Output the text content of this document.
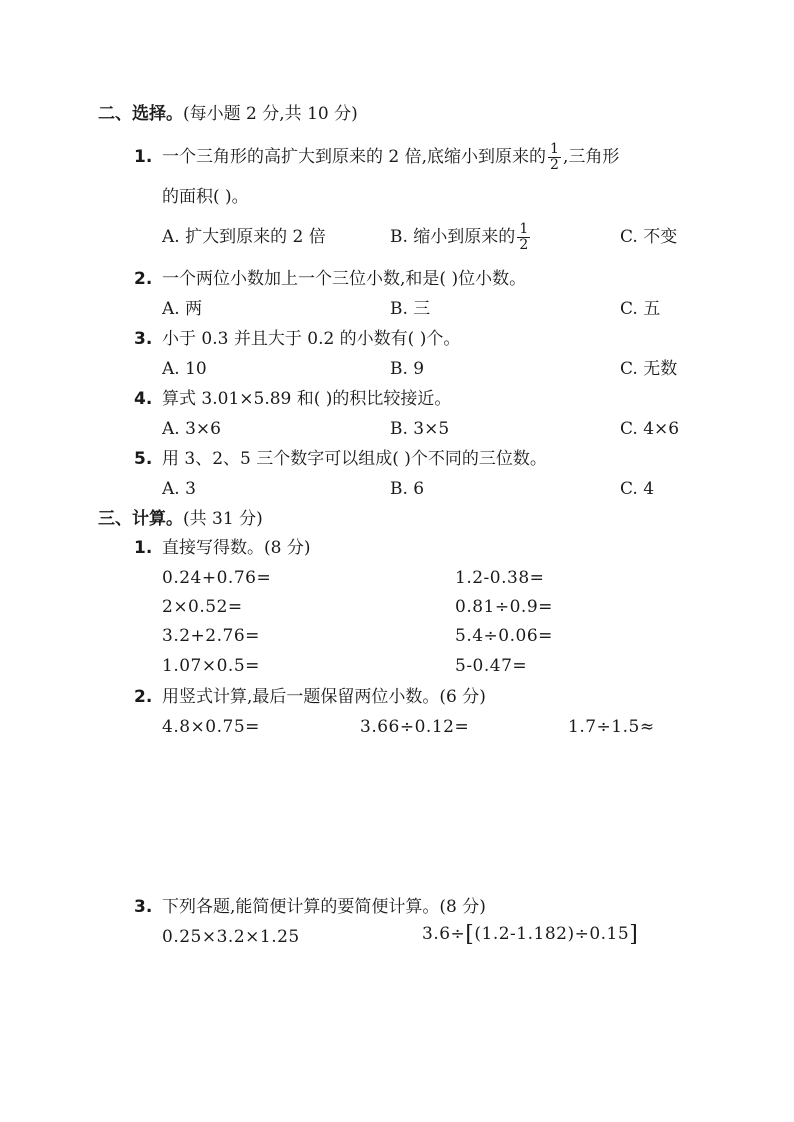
二、选择。(每小题 2 分,共 10 分)
1. 一个三角形的高扩大到原来的 2 倍,底缩小到原来的 $\frac{1}{2}$ ,三角形
的面积( )。
A. 扩大到原来的 2 倍	B. 缩小到原来的 $\frac{1}{2}$	C. 不变
2. 一个两位小数加上一个三位小数,和是( )位小数。
A. 两	B. 三	C. 五
3. 小于 0.3 并且大于 0.2 的小数有( )个。
A. 10	B. 9	C. 无数
4. 算式 3.01×5.89 和( )的积比较接近。
A. 3×6	B. 3×5	C. 4×6
5. 用 3、2、5 三个数字可以组成( )个不同的三位数。
A. 3	B. 6	C. 4
三、计算。(共 31 分)
1. 直接写得数。(8 分)
0.24+0.76=	1.2-0.38=
2×0.52=	0.81÷0.9=
3.2+2.76=	5.4÷0.06=
1.07×0.5=	5-0.47=
2. 用竖式计算,最后一题保留两位小数。(6 分)
4.8×0.75=	3.66÷0.12=	1.7÷1.5≈
3. 下列各题,能简便计算的要简便计算。(8 分)
0.25×3.2×1.25	3.6÷[(1.2-1.182)÷0.15]
